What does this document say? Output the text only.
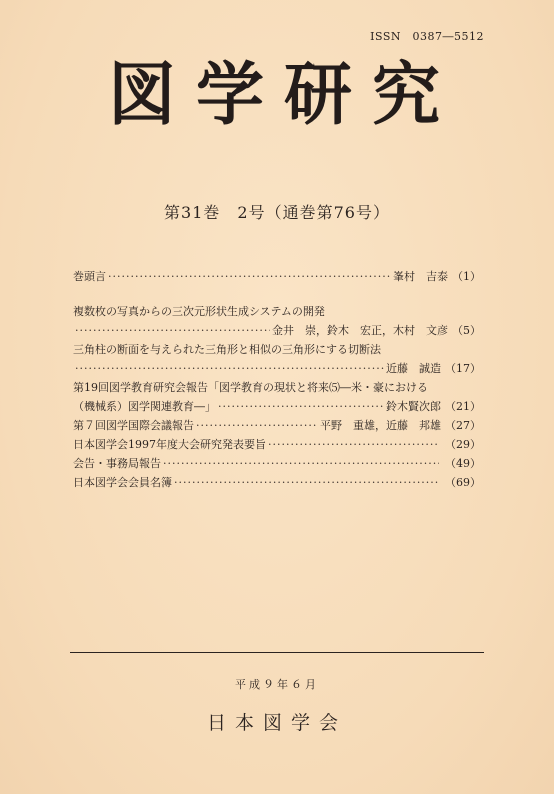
ISSN　0387―5512
図学研究
第31巻　2号（通巻第76号）
巻頭言 ·····	峯村　吉泰 （1）
複数枚の写真からの三次元形状生成システムの開発
·····
金井　崇，鈴木　宏正，木村　文彦 （5）
三角柱の断面を与えられた三角形と相似の三角形にする切断法
·····
近藤　誠造 （17）
第19回図学教育研究会報告「図学教育の現状と将来⑸―米・豪における
（機械系）図学関連教育―」 ·····	鈴木賢次郎 （21）
第７回図学国際会議報告 ·····	平野　重雄，近藤　邦雄 （27）
日本図学会1997年度大会研究発表要旨 ·····	（29）
会告・事務局報告 ·····	（49）
日本図学会会員名簿 ·····	（69）
平成９年６月
日本図学会
